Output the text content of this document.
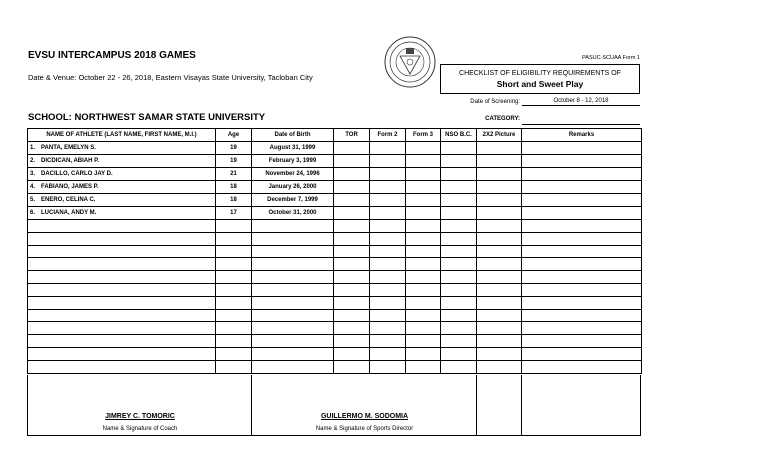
EVSU INTERCAMPUS 2018 GAMES
Date & Venue: October 22 - 26, 2018, Eastern Visayas State University, Tacloban City
PASUC-SCUAA Form 1
CHECKLIST OF ELIGIBILITY REQUIREMENTS OF
Short and Sweet Play
Date of Screening:	October 8 - 12, 2018
CATEGORY:
SCHOOL: NORTHWEST SAMAR STATE UNIVERSITY
NAME OF ATHLETE (LAST NAME, FIRST NAME, M.I.)	Age	Date of Birth	TOR	Form 2	Form 3	NSO B.C.	2X2 Picture	Remarks
1. PANTA, EMELYN S.	19	August 31, 1999						
2. DICDICAN, ABIAH P.	19	February 3, 1999						
3. DACILLO, CARLO JAY D.	21	November 24, 1996						
4. FABIANO, JAMES P.	18	January 26, 2000						
5. ENERO, CELINA C.	18	December 7, 1999						
6. LUCIANA, ANDY M.	17	October 31, 2000						

JIMREY C. TOMORIC
Name & Signature of Coach
GUILLERMO M. SODOMIA
Name & Signature of Sports Director
